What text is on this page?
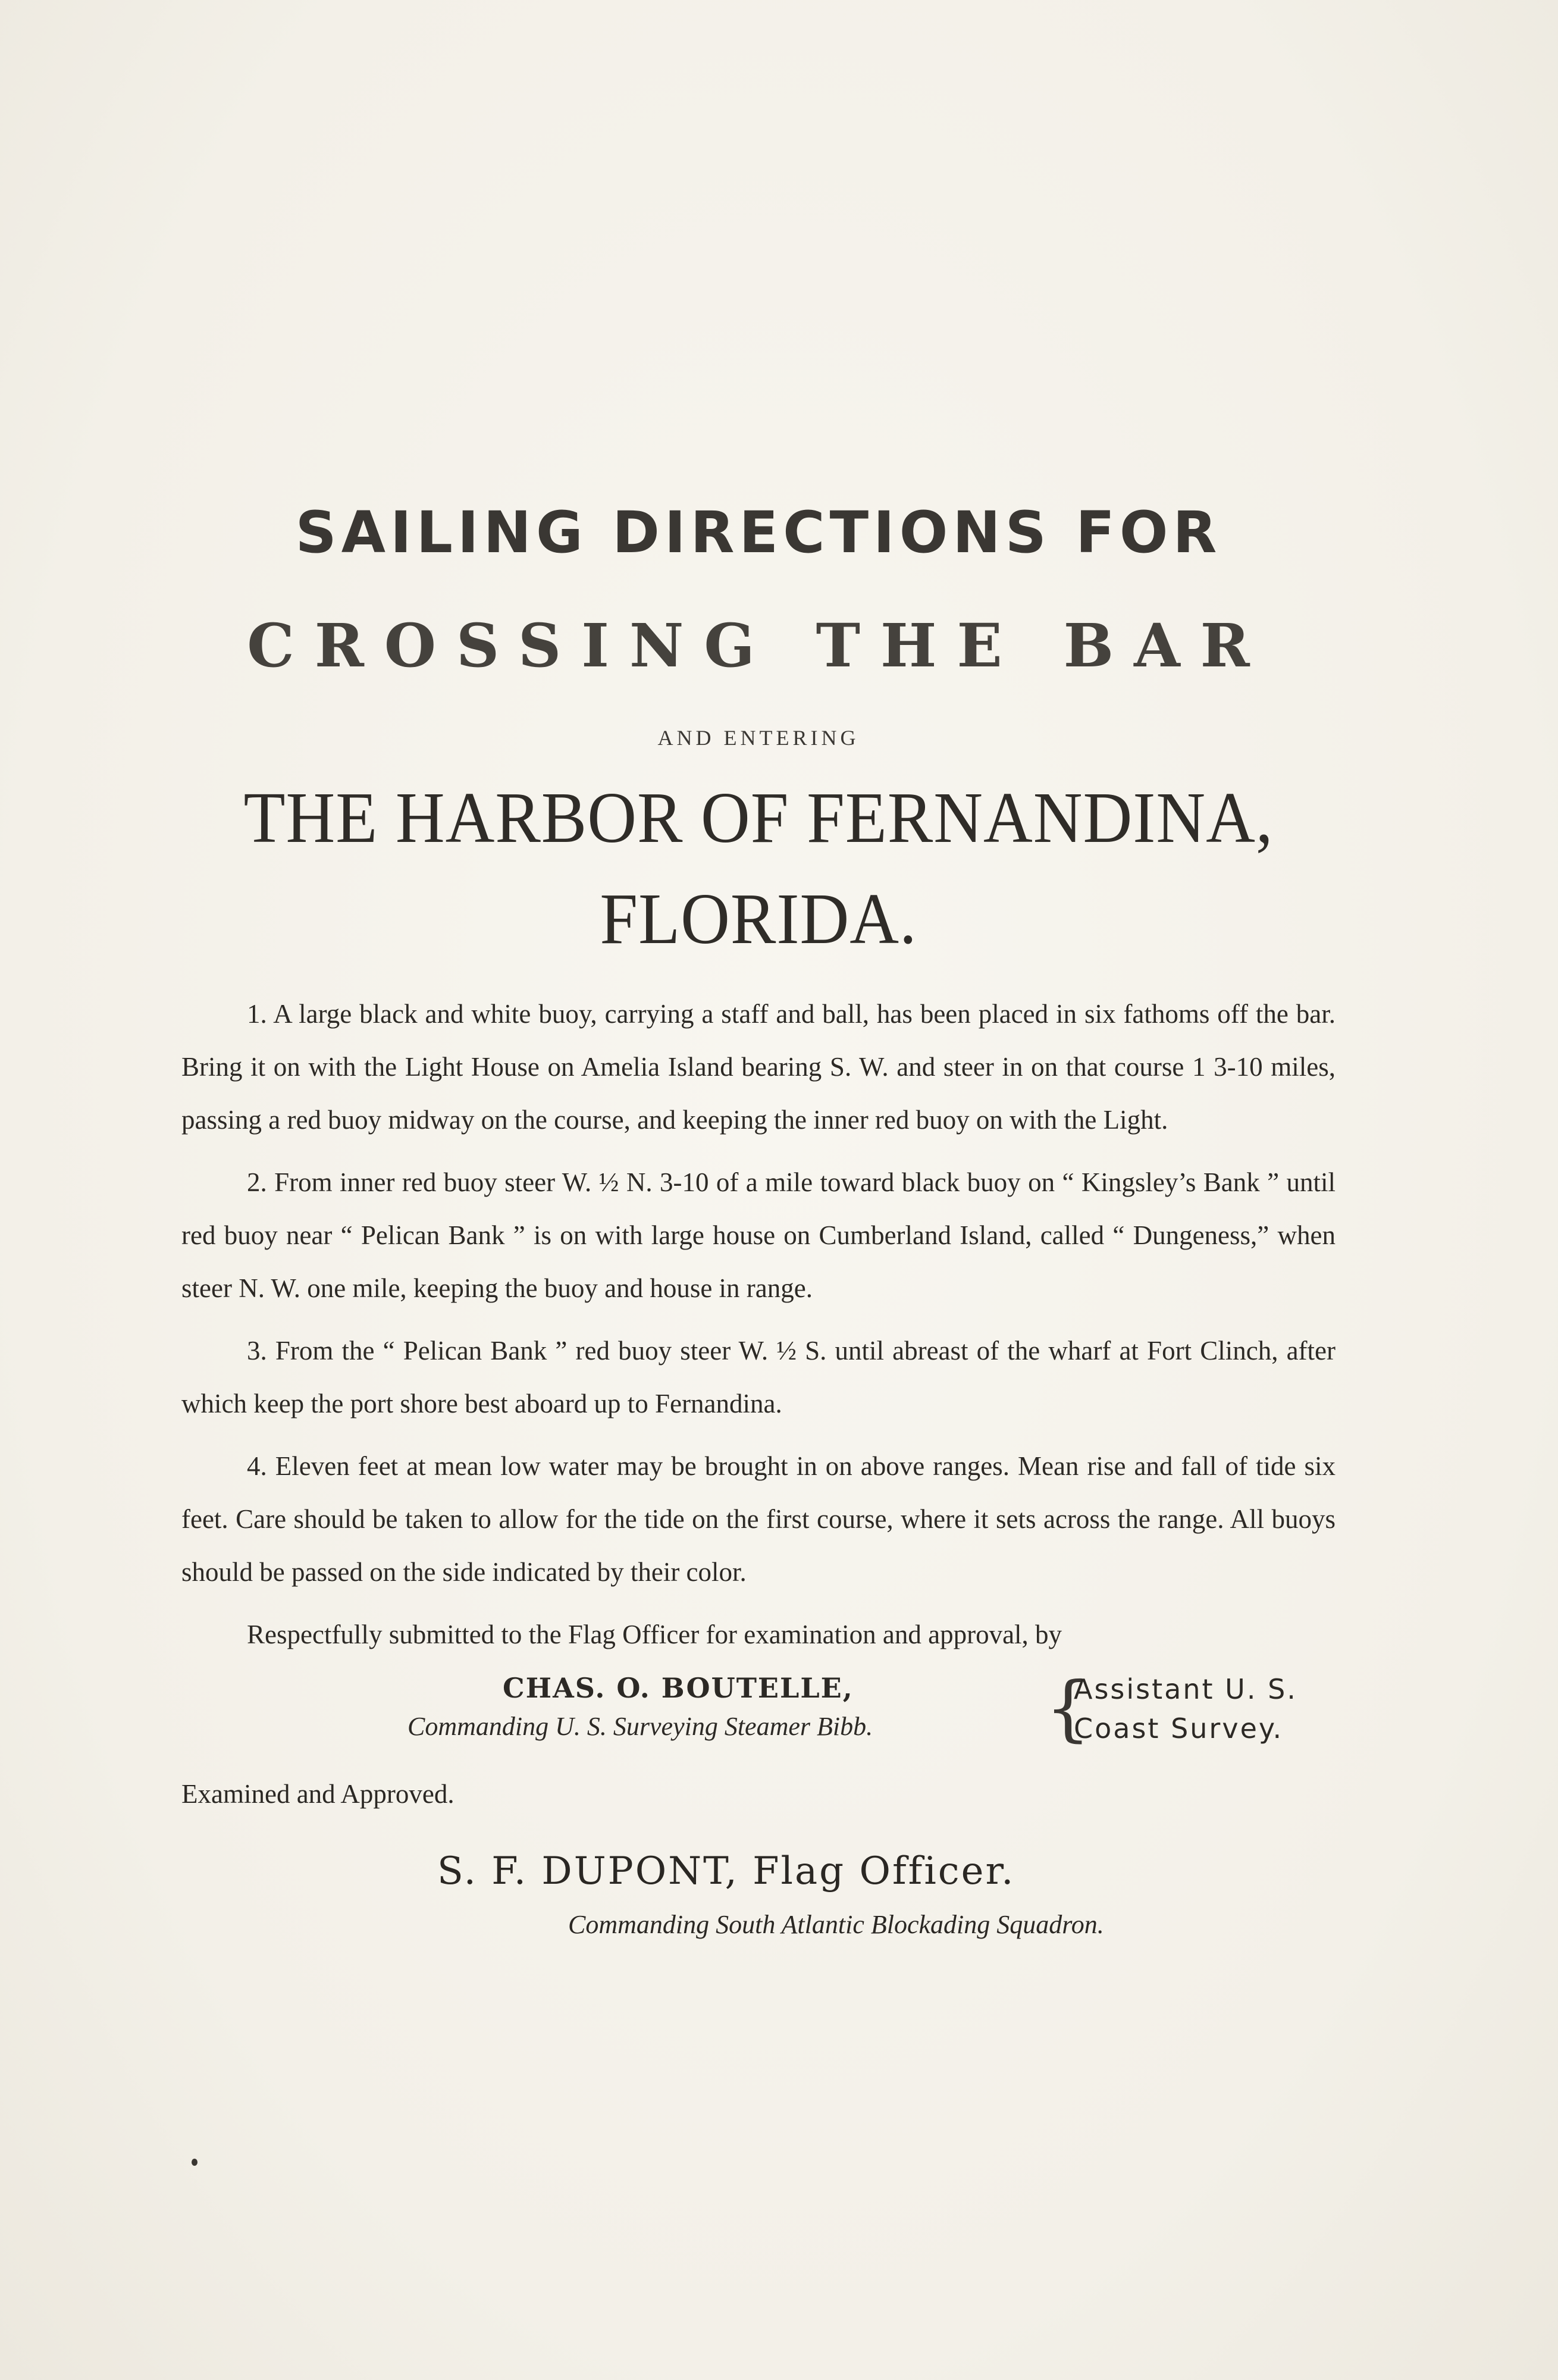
SAILING DIRECTIONS FOR
CROSSING THE BAR
AND ENTERING
THE HARBOR OF FERNANDINA, FLORIDA.

1. A large black and white buoy, carrying a staff and ball, has been placed in six fathoms off the bar. Bring it on with the Light House on Amelia Island bearing S. W. and steer in on that course 1 3-10 miles, passing a red buoy midway on the course, and keeping the inner red buoy on with the Light.

2. From inner red buoy steer W. ½ N. 3-10 of a mile toward black buoy on “ Kingsley’s Bank ” until red buoy near “ Pelican Bank ” is on with large house on Cumberland Island, called “ Dungeness,” when steer N. W. one mile, keeping the buoy and house in range.

3. From the “ Pelican Bank ” red buoy steer W. ½ S. until abreast of the wharf at Fort Clinch, after which keep the port shore best aboard up to Fernandina.

4. Eleven feet at mean low water may be brought in on above ranges. Mean rise and fall of tide six feet. Care should be taken to allow for the tide on the first course, where it sets across the range. All buoys should be passed on the side indicated by their color.

Respectfully submitted to the Flag Officer for examination and approval, by

CHAS. O. BOUTELLE,
Commanding U. S. Surveying Steamer Bibb. {
Assistant U. S.
Coast Survey.

Examined and Approved.

S. F. DUPONT, Flag Officer.
Commanding South Atlantic Blockading Squadron.
